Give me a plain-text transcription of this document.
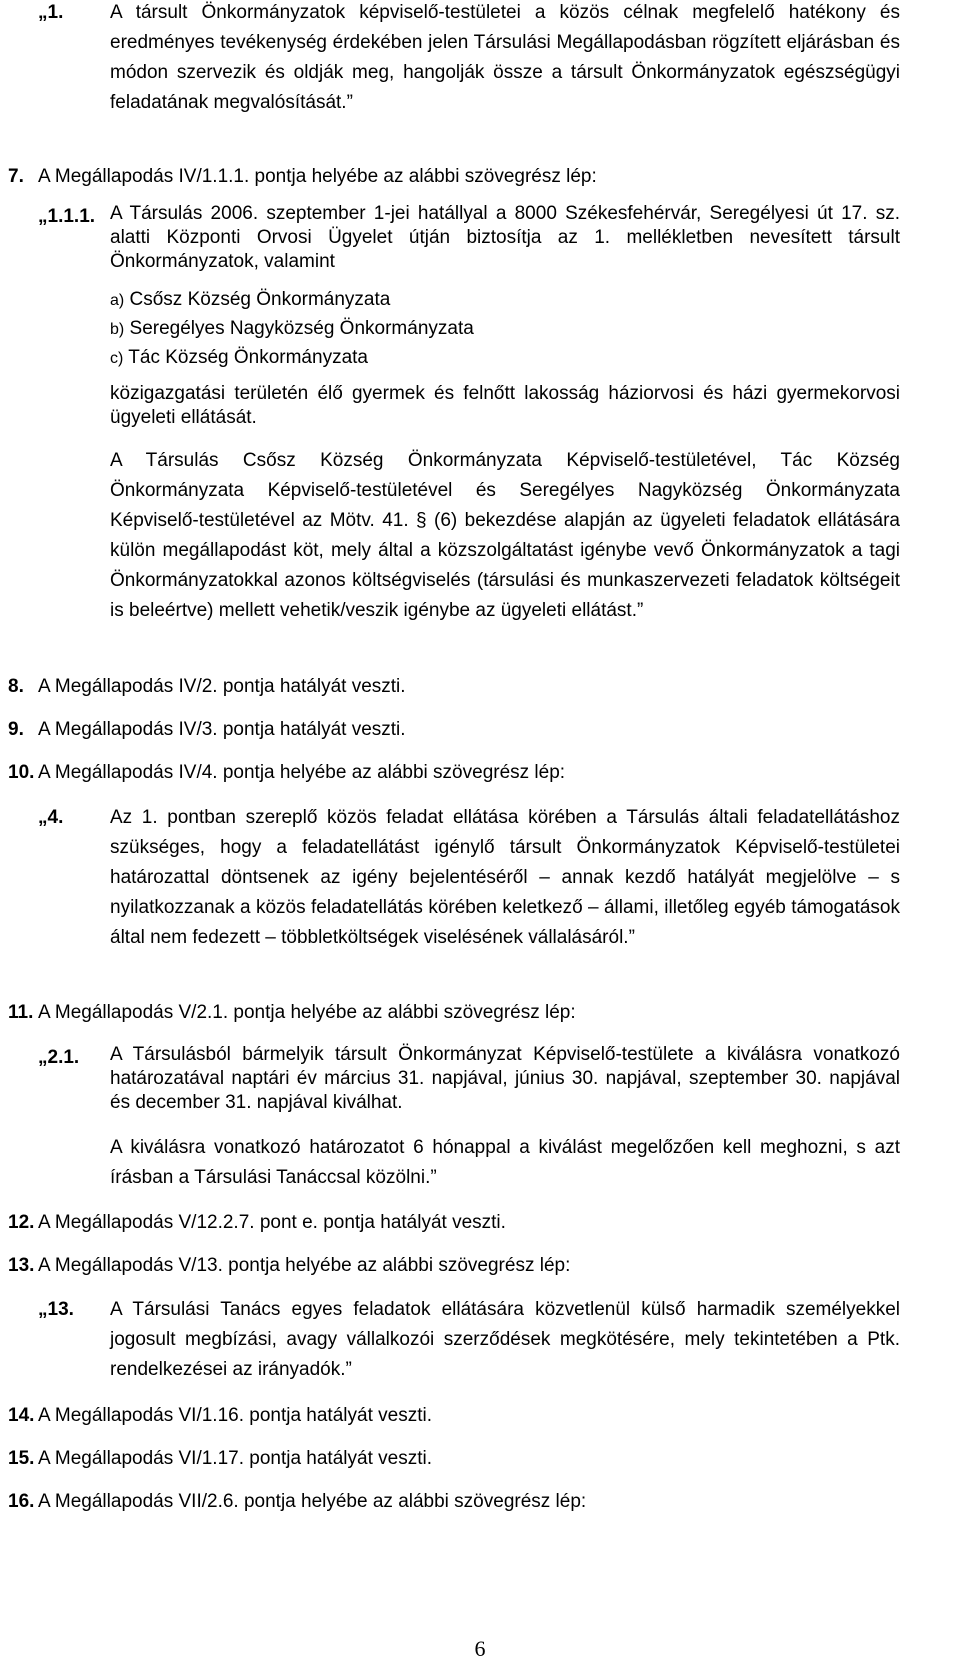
„1. A társult Önkormányzatok képviselő-testületei a közös célnak megfelelő hatékony és eredményes tevékenység érdekében jelen Társulási Megállapodásban rögzített eljárásban és módon szervezik és oldják meg, hangolják össze a társult Önkormányzatok egészségügyi feladatának megvalósítását.”

7. A Megállapodás IV/1.1.1. pontja helyébe az alábbi szövegrész lép:
„1.1.1. A Társulás 2006. szeptember 1-jei hatállyal a 8000 Székesfehérvár, Seregélyesi út 17. sz. alatti Központi Orvosi Ügyelet útján biztosítja az 1. mellékletben nevesített társult Önkormányzatok, valamint

a) Csősz Község Önkormányzata
b) Seregélyes Nagyközség Önkormányzata
c) Tác Község Önkormányzata

közigazgatási területén élő gyermek és felnőtt lakosság háziorvosi és házi gyermekorvosi ügyeleti ellátását.

A Társulás Csősz Község Önkormányzata Képviselő-testületével, Tác Község Önkormányzata Képviselő-testületével és Seregélyes Nagyközség Önkormányzata Képviselő-testületével az Mötv. 41. § (6) bekezdése alapján az ügyeleti feladatok ellátására külön megállapodást köt, mely által a közszolgáltatást igénybe vevő Önkormányzatok a tagi Önkormányzatokkal azonos költségviselés (társulási és munkaszervezeti feladatok költségeit is beleértve) mellett vehetik/veszik igénybe az ügyeleti ellátást.”

8. A Megállapodás IV/2. pontja hatályát veszti.
9. A Megállapodás IV/3. pontja hatályát veszti.
10. A Megállapodás IV/4. pontja helyébe az alábbi szövegrész lép:
„4. Az 1. pontban szereplő közös feladat ellátása körében a Társulás általi feladatellátáshoz szükséges, hogy a feladatellátást igénylő társult Önkormányzatok Képviselő-testületei határozattal döntsenek az igény bejelentéséről – annak kezdő hatályát megjelölve – s nyilatkozzanak a közös feladatellátás körében keletkező – állami, illetőleg egyéb támogatások által nem fedezett – többletköltségek viselésének vállalásáról.”

11. A Megállapodás V/2.1. pontja helyébe az alábbi szövegrész lép:
„2.1. A Társulásból bármelyik társult Önkormányzat Képviselő-testülete a kiválásra vonatkozó határozatával naptári év március 31. napjával, június 30. napjával, szeptember 30. napjával és december 31. napjával kiválhat.

A kiválásra vonatkozó határozatot 6 hónappal a kiválást megelőzően kell meghozni, s azt írásban a Társulási Tanáccsal közölni.”

12. A Megállapodás V/12.2.7. pont e. pontja hatályát veszti.
13. A Megállapodás V/13. pontja helyébe az alábbi szövegrész lép:
„13. A Társulási Tanács egyes feladatok ellátására közvetlenül külső harmadik személyekkel jogosult megbízási, avagy vállalkozói szerződések megkötésére, mely tekintetében a Ptk. rendelkezései az irányadók.”

14. A Megállapodás VI/1.16. pontja hatályát veszti.
15. A Megállapodás VI/1.17. pontja hatályát veszti.
16. A Megállapodás VII/2.6. pontja helyébe az alábbi szövegrész lép:
6
